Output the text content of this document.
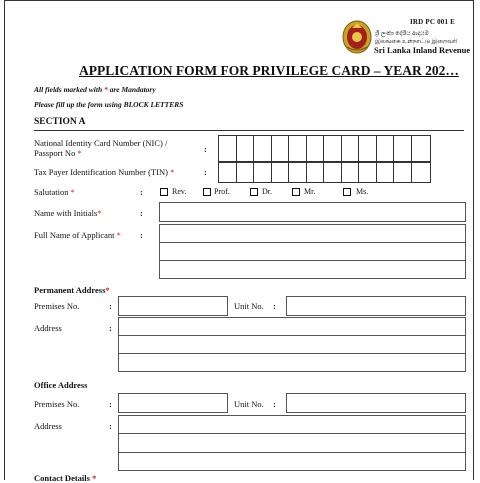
IRD PC 001 E
ශ්‍රී ලංකා දේශීය ආදායම
இலங்கை உள்நாட்டு இறைவரி
Sri Lanka Inland Revenue
APPLICATION FORM FOR PRIVILEGE CARD – YEAR 202…
All fields marked with * are Mandatory
Please fill up the form using BLOCK LETTERS
SECTION A
National Identity Card Number (NIC) /
Passport No *	:
Tax Payer Identification Number (TIN) *	:
Salutation *	:	Rev.	Prof.	Dr.	Mr.	Ms.
Name with Initials*	:
Full Name of Applicant * :
Permanent Address*
Premises No.	:	Unit No. :
Address	:
Office Address
Premises No.	:	Unit No. :
Address	:
Contact Details *
